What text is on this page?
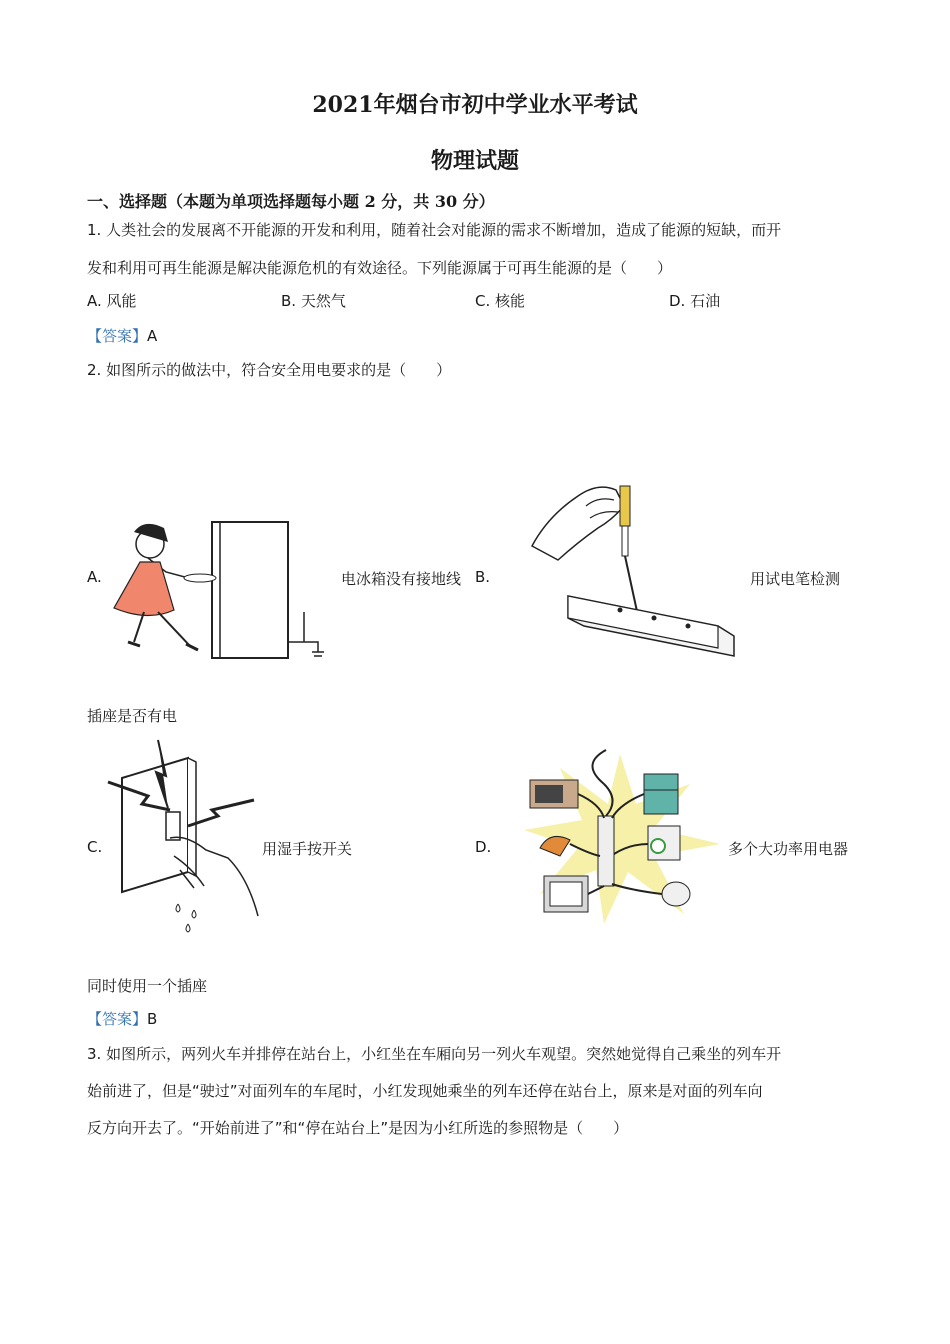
2021年烟台市初中学业水平考试
物理试题
一、选择题（本题为单项选择题每小题 2 分，共 30 分）
1. 人类社会的发展离不开能源的开发和利用，随着社会对能源的需求不断增加，造成了能源的短缺，而开
发和利用可再生能源是解决能源危机的有效途径。下列能源属于可再生能源的是（　　）
A. 风能	B. 天然气	C. 核能	D. 石油
【答案】A
2. 如图所示的做法中，符合安全用电要求的是（　　）
A.	电冰箱没有接地线 B.	用试电笔检测
插座是否有电
C.	用湿手按开关	D.	多个大功率用电器
同时使用一个插座
【答案】B
3. 如图所示，两列火车并排停在站台上，小红坐在车厢向另一列火车观望。突然她觉得自己乘坐的列车开
始前进了，但是“驶过”对面列车的车尾时，小红发现她乘坐的列车还停在站台上，原来是对面的列车向
反方向开去了。“开始前进了”和“停在站台上”是因为小红所选的参照物是（　　）
